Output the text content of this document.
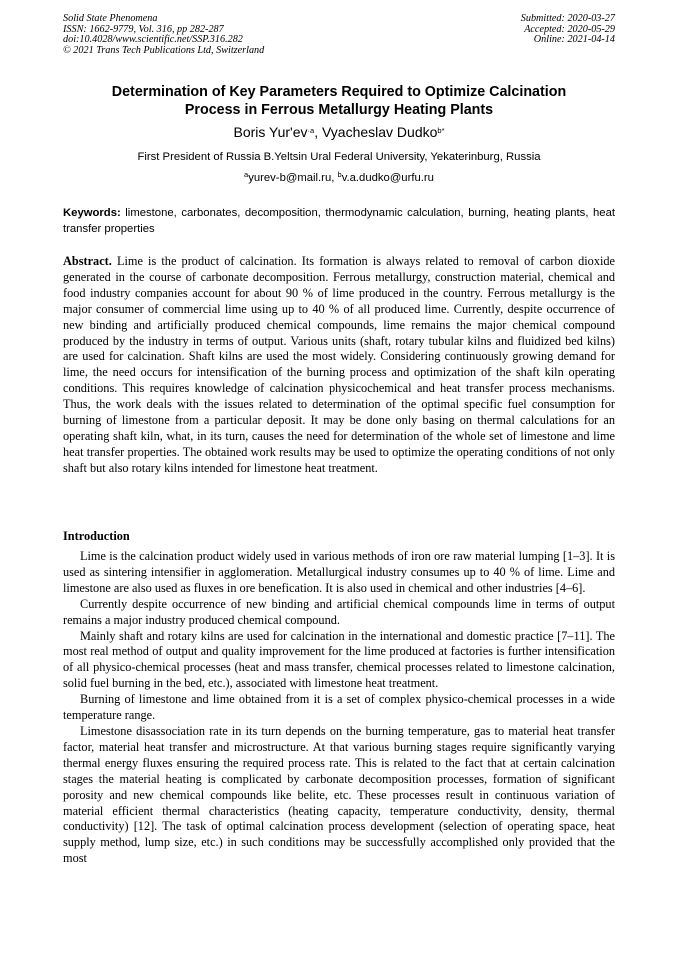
Solid State Phenomena
ISSN: 1662-9779, Vol. 316, pp 282-287
doi:10.4028/www.scientific.net/SSP.316.282
© 2021 Trans Tech Publications Ltd, Switzerland
Submitted: 2020-03-27
Accepted: 2020-05-29
Online: 2021-04-14
Determination of Key Parameters Required to Optimize Calcination
Process in Ferrous Metallurgy Heating Plants
Boris $Yur'ev^{\cdot a}$, Vyacheslav Dudko$^{b*}$
First President of Russia B.Yeltsin Ural Federal University, Yekaterinburg, Russia
$^a$yurev-b@mail.ru, $^b$v.a.dudko@urfu.ru
Keywords: limestone, carbonates, decomposition, thermodynamic calculation, burning, heating plants, heat transfer properties
Abstract. Lime is the product of calcination. Its formation is always related to removal of carbon dioxide generated in the course of carbonate decomposition. Ferrous metallurgy, construction material, chemical and food industry companies account for about 90 % of lime produced in the country. Ferrous metallurgy is the major consumer of commercial lime using up to 40 % of all produced lime. Currently, despite occurrence of new binding and artificially produced chemical compounds, lime remains the major chemical compound produced by the industry in terms of output. Various units (shaft, rotary tubular kilns and fluidized bed kilns) are used for calcination. Shaft kilns are used the most widely. Considering continuously growing demand for lime, the need occurs for intensification of the burning process and optimization of the shaft kiln operating conditions. This requires knowledge of calcination physicochemical and heat transfer process mechanisms. Thus, the work deals with the issues related to determination of the optimal specific fuel consumption for burning of limestone from a particular deposit. It may be done only basing on thermal calculations for an operating shaft kiln, what, in its turn, causes the need for determination of the whole set of limestone and lime heat transfer properties. The obtained work results may be used to optimize the operating conditions of not only shaft but also rotary kilns intended for limestone heat treatment.
Introduction

Lime is the calcination product widely used in various methods of iron ore raw material lumping [1–3]. It is used as sintering intensifier in agglomeration. Metallurgical industry consumes up to 40 % of lime. Lime and limestone are also used as fluxes in ore benefication. It is also used in chemical and other industries [4–6].

Currently despite occurrence of new binding and artificial chemical compounds lime in terms of output remains a major industry produced chemical compound.

Mainly shaft and rotary kilns are used for calcination in the international and domestic practice [7–11]. The most real method of output and quality improvement for the lime produced at factories is further intensification of all physico-chemical processes (heat and mass transfer, chemical processes related to limestone calcination, solid fuel burning in the bed, etc.), associated with limestone heat treatment.

Burning of limestone and lime obtained from it is a set of complex physico-chemical processes in a wide temperature range.

Limestone disassociation rate in its turn depends on the burning temperature, gas to material heat transfer factor, material heat transfer and microstructure. At that various burning stages require significantly varying thermal energy fluxes ensuring the required process rate. This is related to the fact that at certain calcination stages the material heating is complicated by carbonate decomposition processes, formation of significant porosity and new chemical compounds like belite, etc. These processes result in continuous variation of material efficient thermal characteristics (heating capacity, temperature conductivity, density, thermal conductivity) [12]. The task of optimal calcination process development (selection of operating space, heat supply method, lump size, etc.) in such conditions may be successfully accomplished only provided that the most
